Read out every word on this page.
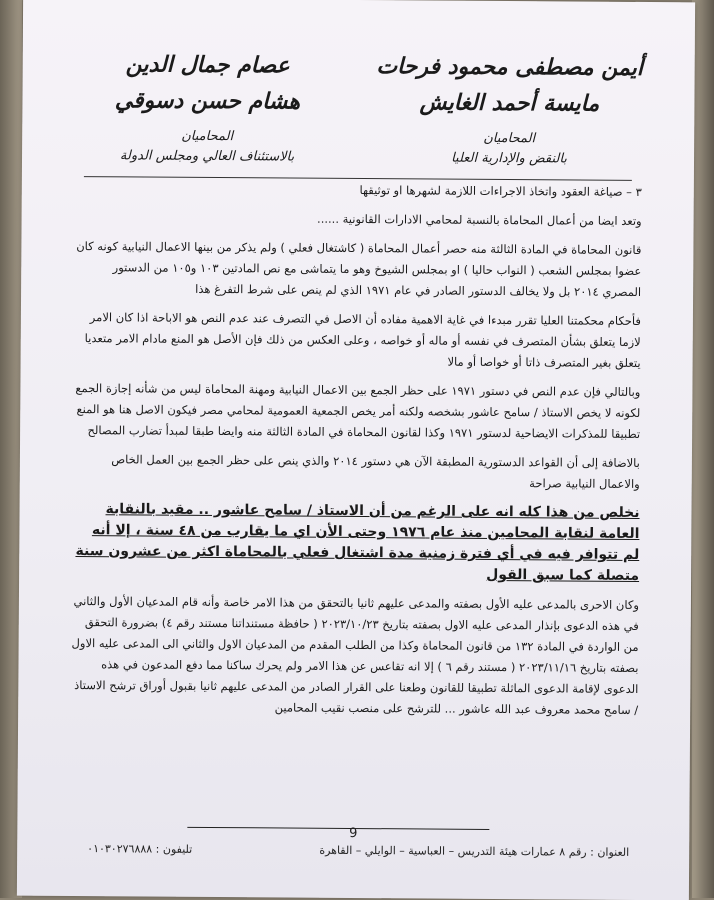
أيمن مصطفى محمود فرحات
مايسة أحمد الغايش
المحاميان
بالنقض والإدارية العليا
عصام جمال الدين
هشام حسن دسوقي
المحاميان
بالاستئناف العالي ومجلس الدولة

٣ – صياغة العقود واتخاذ الاجراءات اللازمة لشهرها او توثيقها

وتعد ايضا من أعمال المحاماة بالنسبة لمحامي الادارات القانونية ......

قانون المحاماة في المادة الثالثة منه حصر أعمال المحاماة ( كاشتغال فعلي ) ولم يذكر من بينها الاعمال النيابية كونه كان عضوا بمجلس الشعب ( النواب حاليا ) او بمجلس الشيوخ وهو ما يتماشى مع نص المادتين ١٠٣ و١٠٥ من الدستور المصري ٢٠١٤ بل ولا يخالف الدستور الصادر في عام ١٩٧١ الذي لم ينص على شرط التفرغ هذا

فأحكام محكمتنا العليا تقرر مبدءا في غاية الاهمية مفاده أن الاصل في التصرف عند عدم النص هو الاباحة اذا كان الامر لازما يتعلق بشأن المتصرف في نفسه أو ماله أو خواصه ، وعلى العكس من ذلك فإن الأصل هو المنع مادام الامر متعديا يتعلق بغير المتصرف ذاتا أو خواصا أو مالا

وبالتالي فإن عدم النص في دستور ١٩٧١ على حظر الجمع بين الاعمال النيابية ومهنة المحاماة ليس من شأنه إجازة الجمع لكونه لا يخص الاستاذ / سامح عاشور بشخصه ولكنه أمر يخص الجمعية العمومية لمحامي مصر فيكون الاصل هنا هو المنع تطبيقا للمذكرات الايضاحية لدستور ١٩٧١ وكذا لقانون المحاماة في المادة الثالثة منه وايضا طبقا لمبدأ تضارب المصالح

بالاضافة إلى أن القواعد الدستورية المطبقة الآن هي دستور ٢٠١٤ والذي ينص على حظر الجمع بين العمل الخاص والاعمال النيابية صراحة

نخلص من هذا كله انه على الرغم من أن الاستاذ / سامح عاشور .. مقيد بالنقابة العامة لنقابة المحامين منذ عام ١٩٧٦ وحتى الأن اي ما يقارب من ٤٨ سنة ، إلا أنه لم تتوافر فيه في أي فترة زمنية مدة اشتغال فعلي بالمحاماة اكثر من عشرون سنة متصلة كما سبق القول

وكان الاحرى بالمدعى عليه الأول بصفته والمدعى عليهم ثانيا بالتحقق من هذا الامر خاصة وأنه قام المدعيان الأول والثاني في هذه الدعوى بإنذار المدعى عليه الاول بصفته بتاريخ ٢٠٢٣/١٠/٢٣ ( حافظة مستنداتنا مستند رقم ٤) بضرورة التحقق من الواردة في المادة ١٣٢ من قانون المحاماة وكذا من الطلب المقدم من المدعيان الاول والثاني الى المدعى عليه الاول بصفته بتاريخ ٢٠٢٣/١١/١٦ ( مستند رقم ٦ ) إلا انه تقاعس عن هذا الامر ولم يحرك ساكنا مما دفع المدعون في هذه الدعوى لإقامة الدعوى الماثلة تطبيقا للقانون وطعنا على القرار الصادر من المدعى عليهم ثانيا بقبول أوراق ترشح الاستاذ / سامح محمد معروف عبد الله عاشور ... للترشح على منصب نقيب المحامين

9
العنوان : رقم ٨ عمارات هيئة التدريس – العباسية – الوايلي – القاهرة
تليفون : ٠١٠٣٠٢٧٦٨٨٨
